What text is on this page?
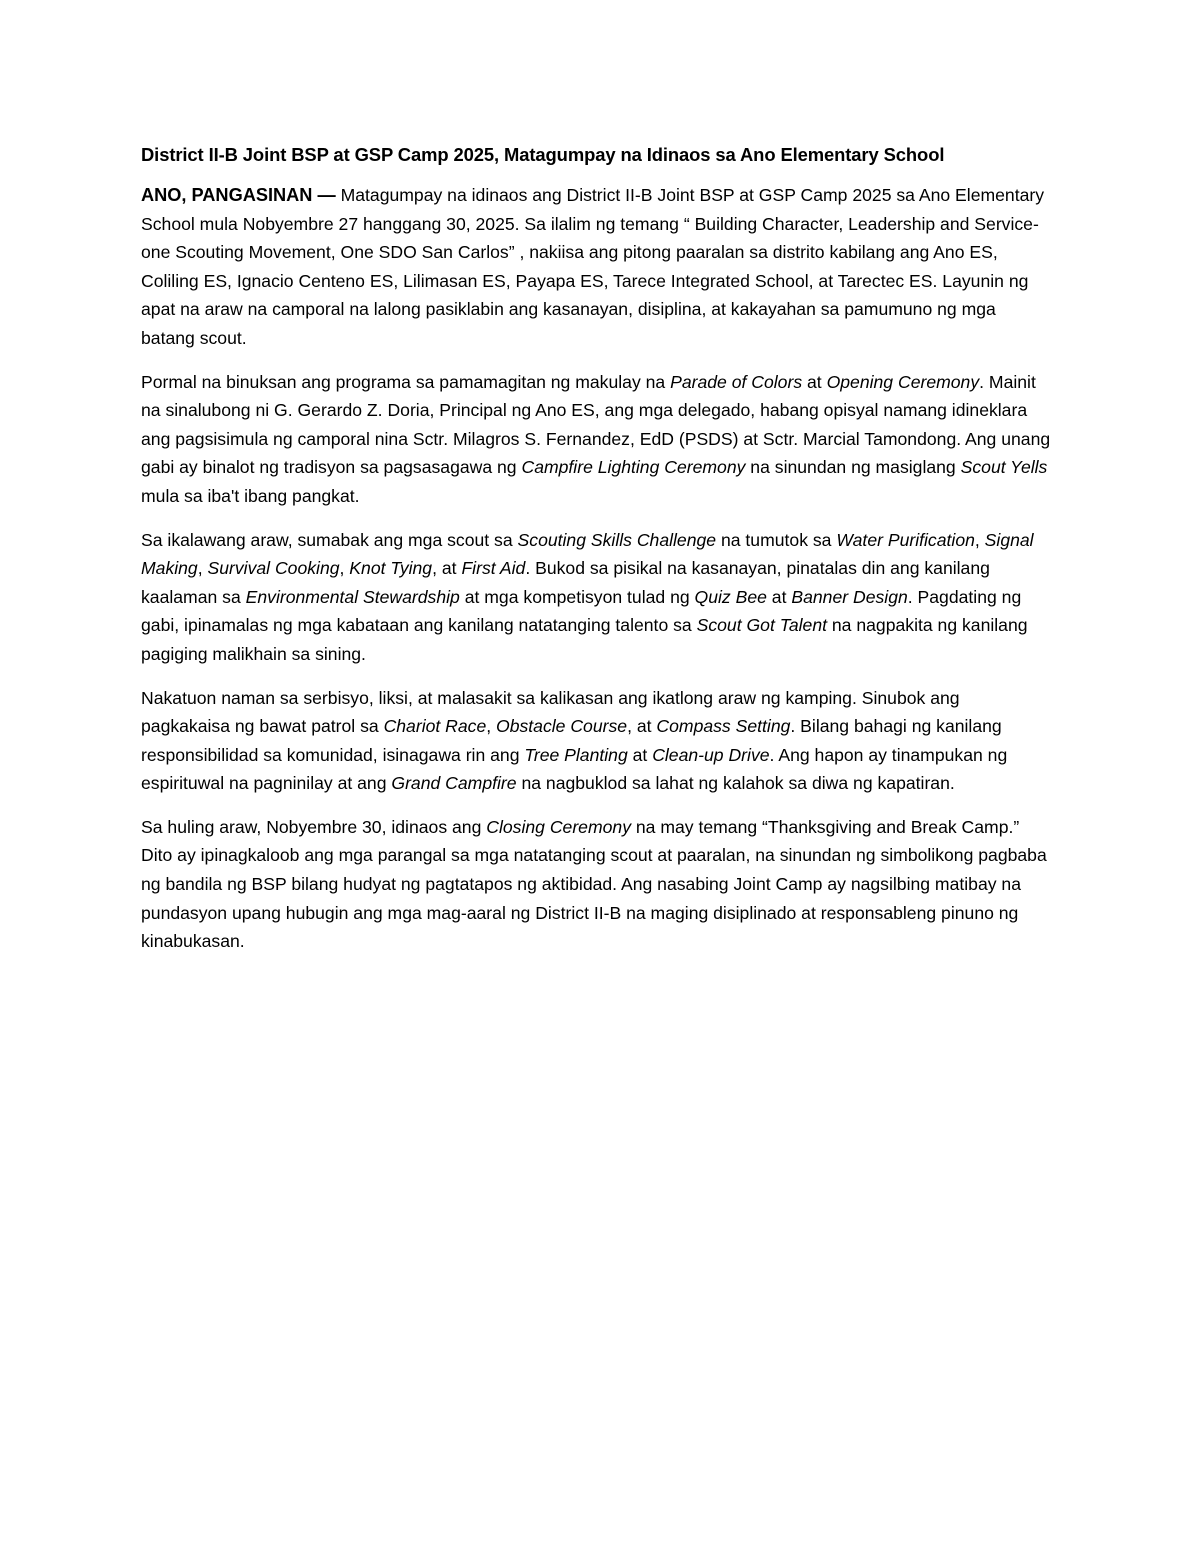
District II-B Joint BSP at GSP Camp 2025, Matagumpay na Idinaos sa Ano Elementary School

ANO, PANGASINAN — Matagumpay na idinaos ang District II-B Joint BSP at GSP Camp 2025 sa Ano Elementary School mula Nobyembre 27 hanggang 30, 2025. Sa ilalim ng temang “ Building Character, Leadership and Service-one Scouting Movement, One SDO San Carlos” , nakiisa ang pitong paaralan sa distrito kabilang ang Ano ES, Coliling ES, Ignacio Centeno ES, Lilimasan ES, Payapa ES, Tarece Integrated School, at Tarectec ES. Layunin ng apat na araw na camporal na lalong pasiklabin ang kasanayan, disiplina, at kakayahan sa pamumuno ng mga batang scout.

Pormal na binuksan ang programa sa pamamagitan ng makulay na Parade of Colors at Opening Ceremony. Mainit na sinalubong ni G. Gerardo Z. Doria, Principal ng Ano ES, ang mga delegado, habang opisyal namang idineklara ang pagsisimula ng camporal nina Sctr. Milagros S. Fernandez, EdD (PSDS) at Sctr. Marcial Tamondong. Ang unang gabi ay binalot ng tradisyon sa pagsasagawa ng Campfire Lighting Ceremony na sinundan ng masiglang Scout Yells mula sa iba't ibang pangkat.

Sa ikalawang araw, sumabak ang mga scout sa Scouting Skills Challenge na tumutok sa Water Purification, Signal Making, Survival Cooking, Knot Tying, at First Aid. Bukod sa pisikal na kasanayan, pinatalas din ang kanilang kaalaman sa Environmental Stewardship at mga kompetisyon tulad ng Quiz Bee at Banner Design. Pagdating ng gabi, ipinamalas ng mga kabataan ang kanilang natatanging talento sa Scout Got Talent na nagpakita ng kanilang pagiging malikhain sa sining.

Nakatuon naman sa serbisyo, liksi, at malasakit sa kalikasan ang ikatlong araw ng kamping. Sinubok ang pagkakaisa ng bawat patrol sa Chariot Race, Obstacle Course, at Compass Setting. Bilang bahagi ng kanilang responsibilidad sa komunidad, isinagawa rin ang Tree Planting at Clean-up Drive. Ang hapon ay tinampukan ng espirituwal na pagninilay at ang Grand Campfire na nagbuklod sa lahat ng kalahok sa diwa ng kapatiran.

Sa huling araw, Nobyembre 30, idinaos ang Closing Ceremony na may temang “Thanksgiving and Break Camp.” Dito ay ipinagkaloob ang mga parangal sa mga natatanging scout at paaralan, na sinundan ng simbolikong pagbaba ng bandila ng BSP bilang hudyat ng pagtatapos ng aktibidad. Ang nasabing Joint Camp ay nagsilbing matibay na pundasyon upang hubugin ang mga mag-aaral ng District II-B na maging disiplinado at responsableng pinuno ng kinabukasan.
